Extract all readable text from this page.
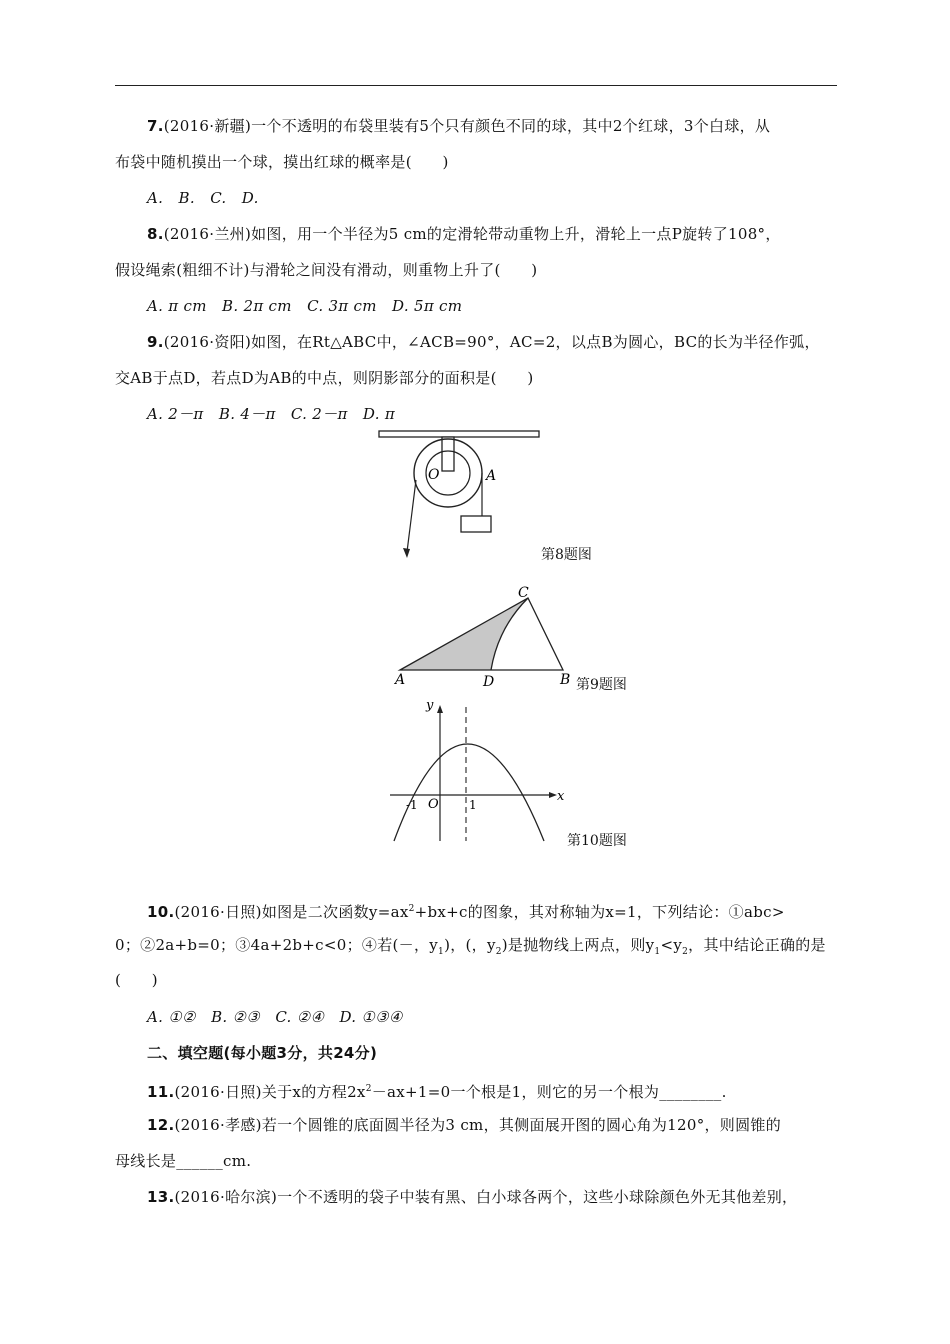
7.(2016·新疆)一个不透明的布袋里装有5个只有颜色不同的球，其中2个红球，3个白球，从
布袋中随机摸出一个球，摸出红球的概率是(　　)
A.　B.　C.　D.
8.(2016·兰州)如图，用一个半径为5 cm的定滑轮带动重物上升，滑轮上一点P旋转了108°，
假设绳索(粗细不计)与滑轮之间没有滑动，则重物上升了(　　)
A. π cm　B. 2π cm　C. 3π cm　D. 5π cm
9.(2016·资阳)如图，在Rt△ABC中，∠ACB=90°，AC=2，以点B为圆心，BC的长为半径作弧，
交AB于点D，若点D为AB的中点，则阴影部分的面积是(　　)
A. 2－π　B. 4－π　C. 2－π　D. π
O	A
第8题图
A	B
C
D	第9题图
x
y
O
-1	1
第10题图
10.(2016·日照)如图是二次函数$y=ax^2+bx+c$的图象，其对称轴为x=1，下列结论：①abc>
0；②2a+b=0；③4a+2b+c<0；④若(－，$y_1$)，(，$y_2$)是抛物线上两点，则$y_1<y_2$，其中结论正确的是
(　　)
A. ①②　B. ②③　C. ②④　D. ①③④
二、填空题(每小题3分，共24分)
11.(2016·日照)关于x的方程$2x^2-ax+1=0$一个根是1，则它的另一个根为________.
12.(2016·孝感)若一个圆锥的底面圆半径为3 cm，其侧面展开图的圆心角为120°，则圆锥的
母线长是______cm.
13.(2016·哈尔滨)一个不透明的袋子中装有黑、白小球各两个，这些小球除颜色外无其他差别，
